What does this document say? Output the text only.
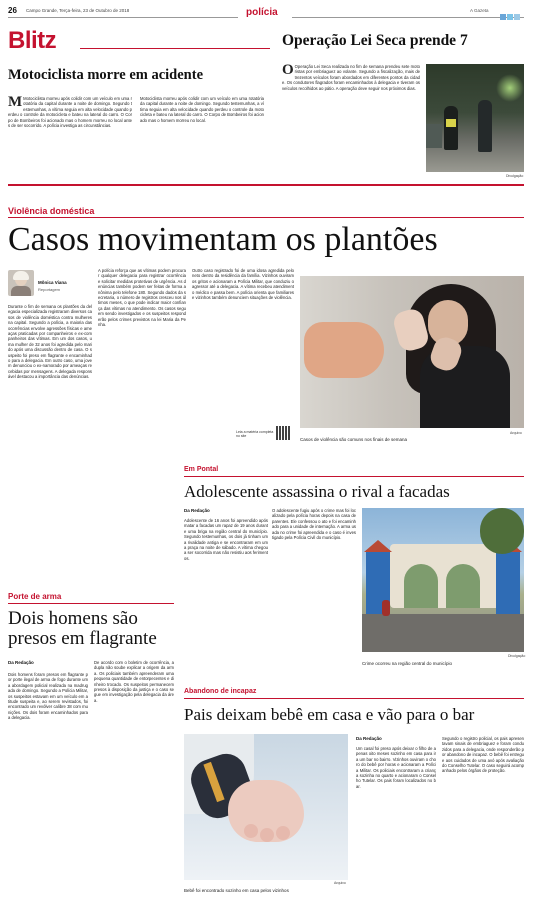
26 Campo Grande, Terça-feira, 23 de Outubro de 2018	polícia	A Gazeta
Blitz	Operação Lei Seca prende 7
Motociclista morre em acidente
M Motociclista morreu após colidir com um veículo em uma rotatória da capital durante a noite de domingo. Segundo testemunhas, a vítima seguia em alta velocidade quando perdeu o controle da motocicleta e bateu na lateral do carro. O Corpo de Bombeiros foi acionado mas o homem morreu no local antes de ser socorrido. A polícia investiga as circunstâncias.
Motociclista morreu após colidir com um veículo em uma rotatória da capital durante a noite de domingo. Segundo testemunhas, a vítima seguia em alta velocidade quando perdeu o controle da motocicleta e bateu na lateral do carro. O Corpo de Bombeiros foi acionado mas o homem morreu no local.
O Operação Lei Seca realizada no fim de semana prendeu sete motoristas por embriaguez ao volante. Segundo a fiscalização, mais de trezentos veículos foram abordados em diferentes pontos da cidade. Os condutores flagrados foram encaminhados à delegacia e tiveram os veículos recolhidos ao pátio. A operação deve seguir nos próximos dias.
Divulgação
Violência doméstica
Casos movimentam os plantões
Mônica Viana
Reportagem
Durante o fim de semana os plantões da delegacia especializada registraram diversos casos de violência doméstica contra mulheres na capital. Segundo a polícia, a maioria das ocorrências envolve agressões físicas e ameaças praticadas por companheiros e ex-companheiros das vítimas. Em um dos casos, uma mulher de 32 anos foi agredida pelo marido após uma discussão dentro de casa. O suspeito foi preso em flagrante e encaminhado para a delegacia. Em outro caso, uma jovem denunciou o ex-namorado por ameaças recebidas por mensagens. A delegada responsável destacou a importância das denúncias.
A polícia reforça que as vítimas podem procurar qualquer delegacia para registrar ocorrência e solicitar medidas protetivas de urgência. As denúncias também podem ser feitas de forma anônima pelo telefone 180. Segundo dados da secretaria, o número de registros cresceu nos últimos meses, o que pode indicar maior confiança das vítimas no atendimento. Os casos seguem sendo investigados e os suspeitos responderão pelos crimes previstos na lei Maria da Penha.
Outro caso registrado foi de uma idosa agredida pelo neto dentro da residência da família. Vizinhos ouviram os gritos e acionaram a Polícia Militar, que conduziu o agressor até a delegacia. A vítima recebeu atendimento médico e passa bem. A polícia orienta que familiares e vizinhos também denunciem situações de violência.
Leia a matéria completa no site
Arquivo
Casos de violência são comuns nos finais de semana
Porte de arma
Dois homens são
presos em flagrante
Da Redação
Dois homens foram presos em flagrante por porte ilegal de arma de fogo durante uma abordagem policial realizada na madrugada de domingo. Segundo a Polícia Militar, os suspeitos estavam em um veículo em atitude suspeita e, ao serem revistados, foi encontrado um revólver calibre 38 com munições. Os dois foram encaminhados para a delegacia.
De acordo com o boletim de ocorrência, a dupla não soube explicar a origem da arma. Os policiais também apreenderam uma pequena quantidade de entorpecentes e dinheiro trocado. Os suspeitos permanecem presos à disposição da justiça e o caso segue em investigação pela delegacia da área.
Em Pontal
Adolescente assassina o rival a facadas
Da Redação
Adolescente de 16 anos foi apreendido após matar a facadas um rapaz de 19 anos durante uma briga na região central do município. Segundo testemunhas, os dois já tinham uma rivalidade antiga e se encontraram em uma praça na noite de sábado. A vítima chegou a ser socorrida mas não resistiu aos ferimentos.
O adolescente fugiu após o crime mas foi localizado pela polícia horas depois na casa de parentes. Ele confessou o ato e foi encaminhado para a unidade de internação. A arma usada no crime foi apreendida e o caso é investigado pela Polícia Civil do município.
Divulgação
Crime ocorreu na região central do município
Abandono de incapaz
Pais deixam bebê em casa e vão para o bar
Arquivo
Bebê foi encontrado sozinho em casa pelos vizinhos
Da Redação
Um casal foi preso após deixar o filho de apenas oito meses sozinho em casa para ir a um bar no bairro. Vizinhos ouviram o choro do bebê por horas e acionaram a Polícia Militar. Os policiais encontraram a criança sozinha no quarto e acionaram o Conselho Tutelar. Os pais foram localizados no bar.
Segundo o registro policial, os pais apresentavam sinais de embriaguez e foram conduzidos para a delegacia, onde responderão por abandono de incapaz. O bebê foi entregue aos cuidados de uma avó após avaliação do Conselho Tutelar. O caso seguirá acompanhado pelos órgãos de proteção.
